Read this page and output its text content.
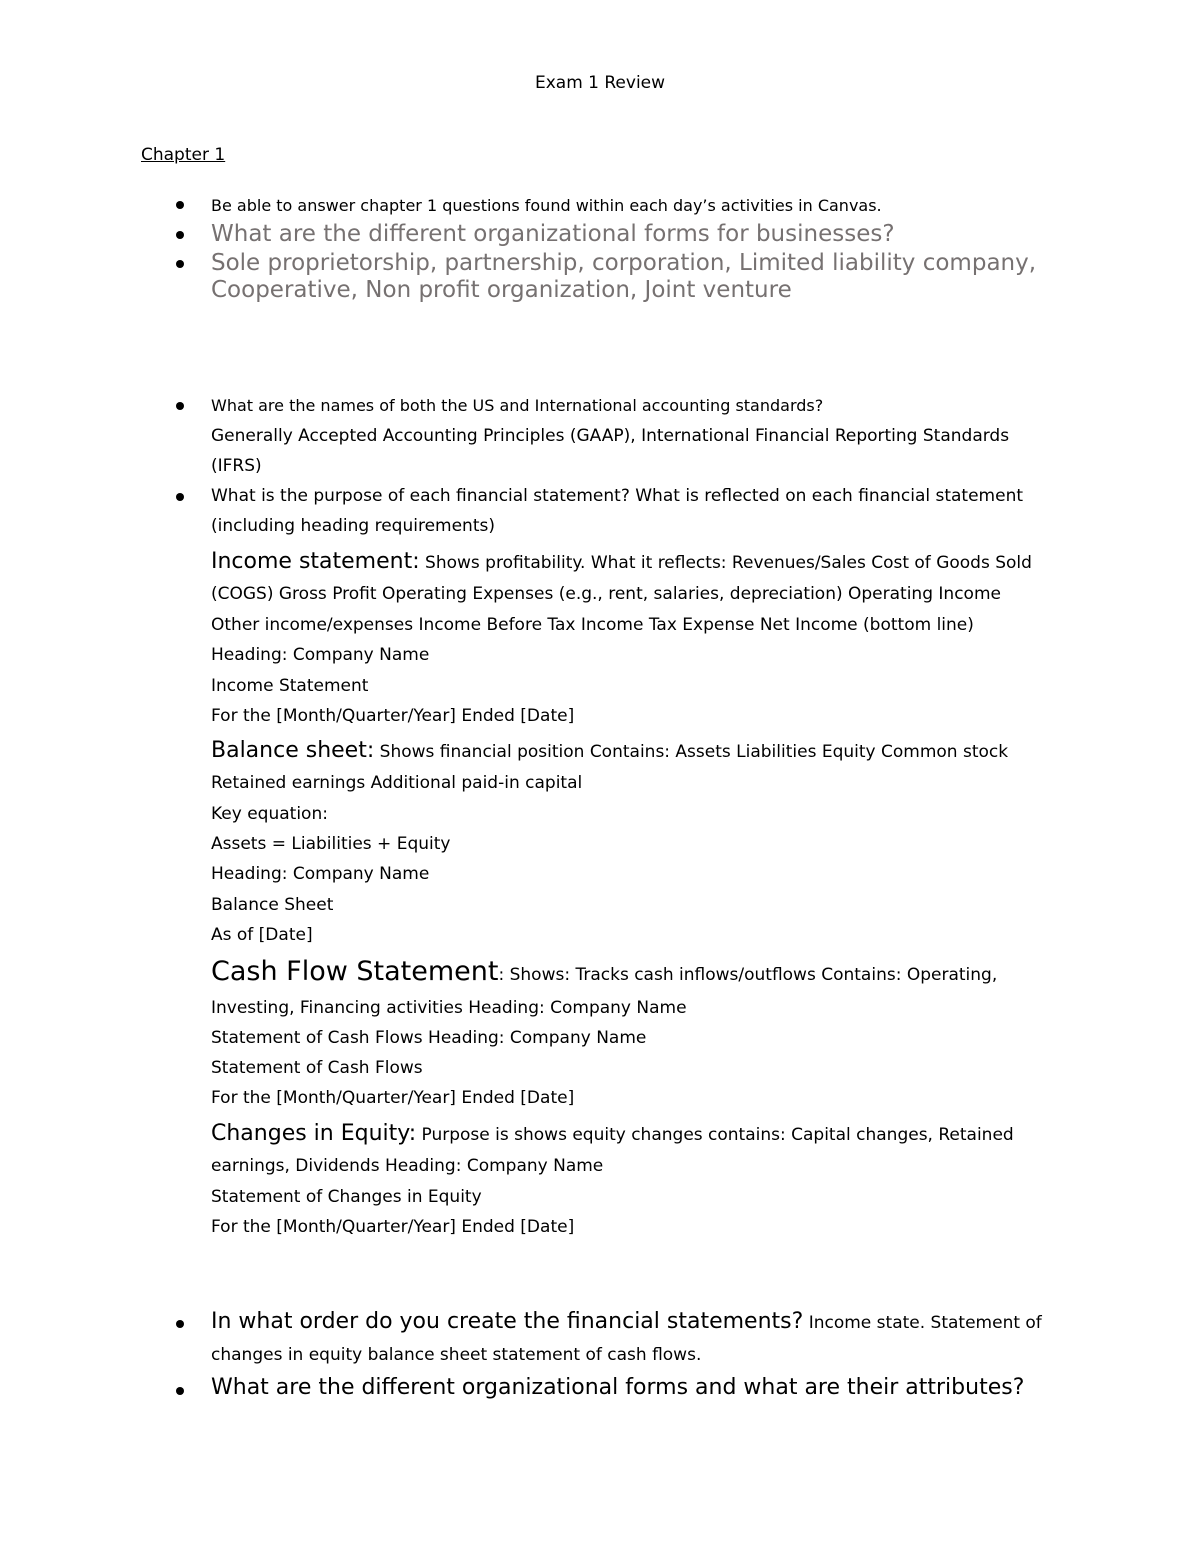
Exam 1 Review
Chapter 1
Be able to answer chapter 1 questions found within each day’s activities in Canvas.
What are the different organizational forms for businesses?
Sole proprietorship, partnership, corporation, Limited liability company,
Cooperative, Non profit organization, Joint venture
What are the names of both the US and International accounting standards?
Generally Accepted Accounting Principles (GAAP), International Financial Reporting Standards
(IFRS)
What is the purpose of each financial statement? What is reflected on each financial statement
(including heading requirements)
Income statement: Shows profitability. What it reflects: Revenues/Sales Cost of Goods Sold
(COGS) Gross Profit Operating Expenses (e.g., rent, salaries, depreciation) Operating Income
Other income/expenses Income Before Tax Income Tax Expense Net Income (bottom line)
Heading: Company Name
Income Statement
For the [Month/Quarter/Year] Ended [Date]
Balance sheet: Shows financial position Contains: Assets Liabilities Equity Common stock
Retained earnings Additional paid-in capital
Key equation:
Assets = Liabilities + Equity
Heading: Company Name
Balance Sheet
As of [Date]
Cash Flow Statement: Shows: Tracks cash inflows/outflows Contains: Operating,
Investing, Financing activities Heading: Company Name
Statement of Cash Flows Heading: Company Name
Statement of Cash Flows
For the [Month/Quarter/Year] Ended [Date]
Changes in Equity: Purpose is shows equity changes contains: Capital changes, Retained
earnings, Dividends Heading: Company Name
Statement of Changes in Equity
For the [Month/Quarter/Year] Ended [Date]
In what order do you create the financial statements? Income state. Statement of
changes in equity balance sheet statement of cash flows.
What are the different organizational forms and what are their attributes?
